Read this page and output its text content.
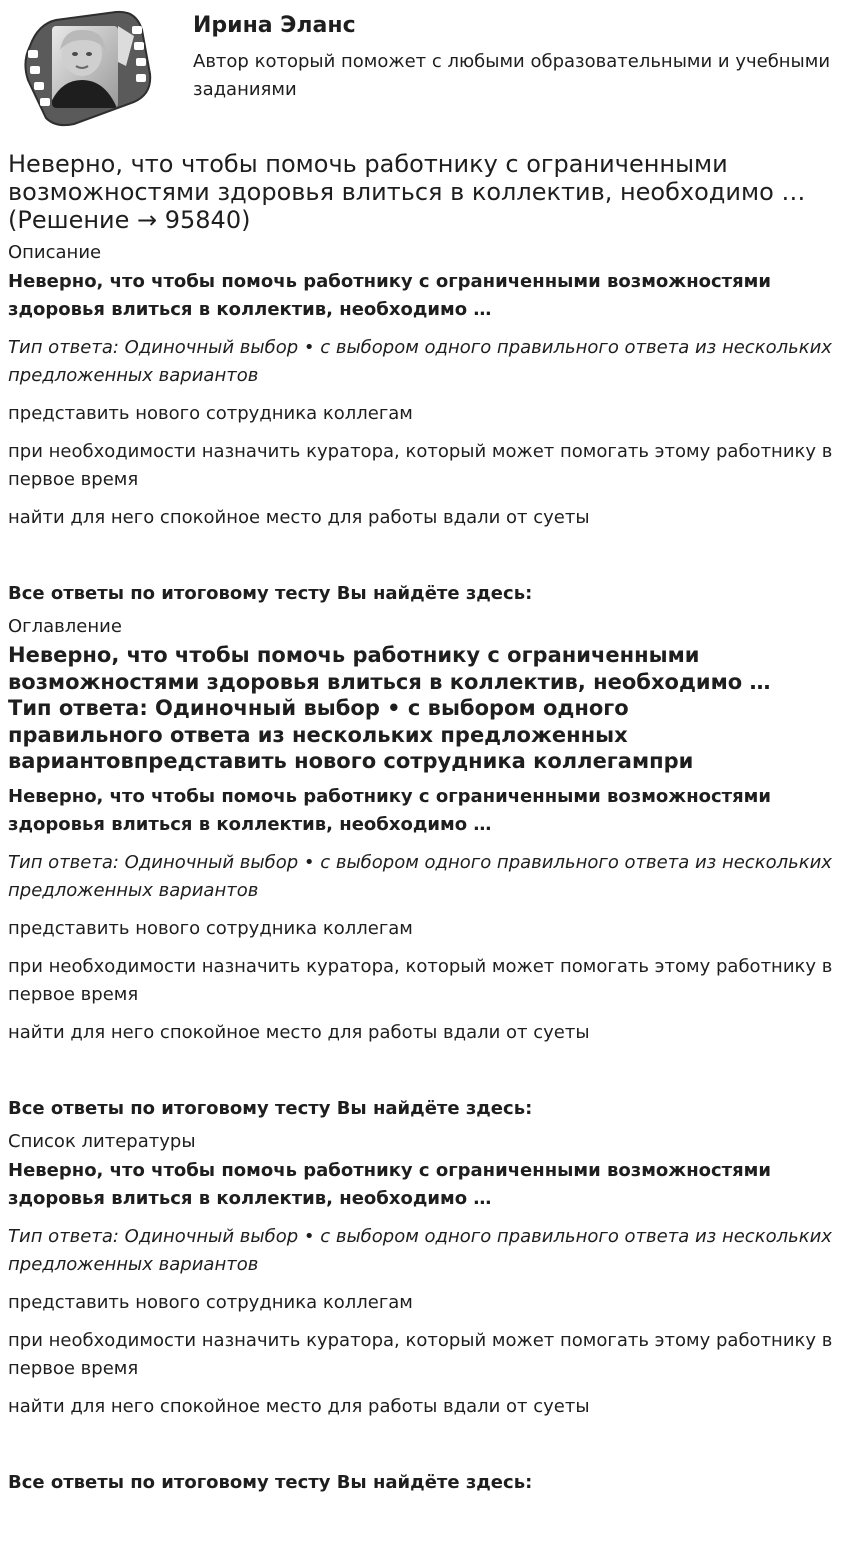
Ирина Эланс
Автор который поможет с любыми образовательными и учебными заданиями
Неверно, что чтобы помочь работнику с ограниченными возможностями здоровья влиться в коллектив, необходимо … (Решение → 95840)
Описание
Неверно, что чтобы помочь работнику с ограниченными возможностями здоровья влиться в коллектив, необходимо …
Тип ответа: Одиночный выбор • с выбором одного правильного ответа из нескольких предложенных вариантов
представить нового сотрудника коллегам
при необходимости назначить куратора, который может помогать этому работнику в первое время
найти для него спокойное место для работы вдали от суеты
Все ответы по итоговому тесту Вы найдёте здесь:
Оглавление
Неверно, что чтобы помочь работнику с ограниченными возможностями здоровья влиться в коллектив, необходимо …Тип ответа: Одиночный выбор • с выбором одного правильного ответа из нескольких предложенных вариантовпредставить нового сотрудника коллегампри
Неверно, что чтобы помочь работнику с ограниченными возможностями здоровья влиться в коллектив, необходимо …
Тип ответа: Одиночный выбор • с выбором одного правильного ответа из нескольких предложенных вариантов
представить нового сотрудника коллегам
при необходимости назначить куратора, который может помогать этому работнику в первое время
найти для него спокойное место для работы вдали от суеты
Все ответы по итоговому тесту Вы найдёте здесь:
Список литературы
Неверно, что чтобы помочь работнику с ограниченными возможностями здоровья влиться в коллектив, необходимо …
Тип ответа: Одиночный выбор • с выбором одного правильного ответа из нескольких предложенных вариантов
представить нового сотрудника коллегам
при необходимости назначить куратора, который может помогать этому работнику в первое время
найти для него спокойное место для работы вдали от суеты
Все ответы по итоговому тесту Вы найдёте здесь:
